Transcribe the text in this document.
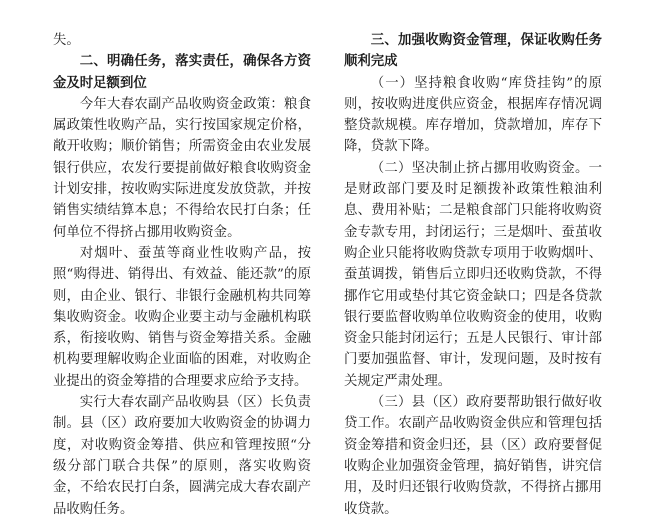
失。

二、明确任务，落实责任，确保各方资金及时足额到位

今年大春农副产品收购资金政策：粮食属政策性收购产品，实行按国家规定价格，敞开收购；顺价销售；所需资金由农业发展银行供应，农发行要提前做好粮食收购资金计划安排，按收购实际进度发放贷款，并按销售实绩结算本息；不得给农民打白条；任何单位不得挤占挪用收购资金。

对烟叶、蚕茧等商业性收购产品，按照“购得进、销得出、有效益、能还款”的原则，由企业、银行、非银行金融机构共同筹集收购资金。收购企业要主动与金融机构联系，衔接收购、销售与资金筹措关系。金融机构要理解收购企业面临的困难，对收购企业提出的资金筹措的合理要求应给予支持。

实行大春农副产品收购县（区）长负责制。县（区）政府要加大收购资金的协调力度，对收购资金筹措、供应和管理按照“分级分部门联合共保”的原则，落实收购资金，不给农民打白条，圆满完成大春农副产品收购任务。

三、加强收购资金管理，保证收购任务顺利完成

（一）坚持粮食收购“库贷挂钩”的原则，按收购进度供应资金，根据库存情况调整贷款规模。库存增加，贷款增加，库存下降，贷款下降。

（二）坚决制止挤占挪用收购资金。一是财政部门要及时足额拨补政策性粮油利息、费用补贴；二是粮食部门只能将收购资金专款专用，封闭运行；三是烟叶、蚕茧收购企业只能将收购贷款专项用于收购烟叶、蚕茧调拨，销售后立即归还收购贷款，不得挪作它用或垫付其它资金缺口；四是各贷款银行要监督收购单位收购资金的使用，收购资金只能封闭运行；五是人民银行、审计部门要加强监督、审计，发现问题，及时按有关规定严肃处理。

（三）县（区）政府要帮助银行做好收贷工作。农副产品收购资金供应和管理包括资金筹措和资金归还，县（区）政府要督促收购企业加强资金管理，搞好销售，讲究信用，及时归还银行收购贷款，不得挤占挪用收贷款。
